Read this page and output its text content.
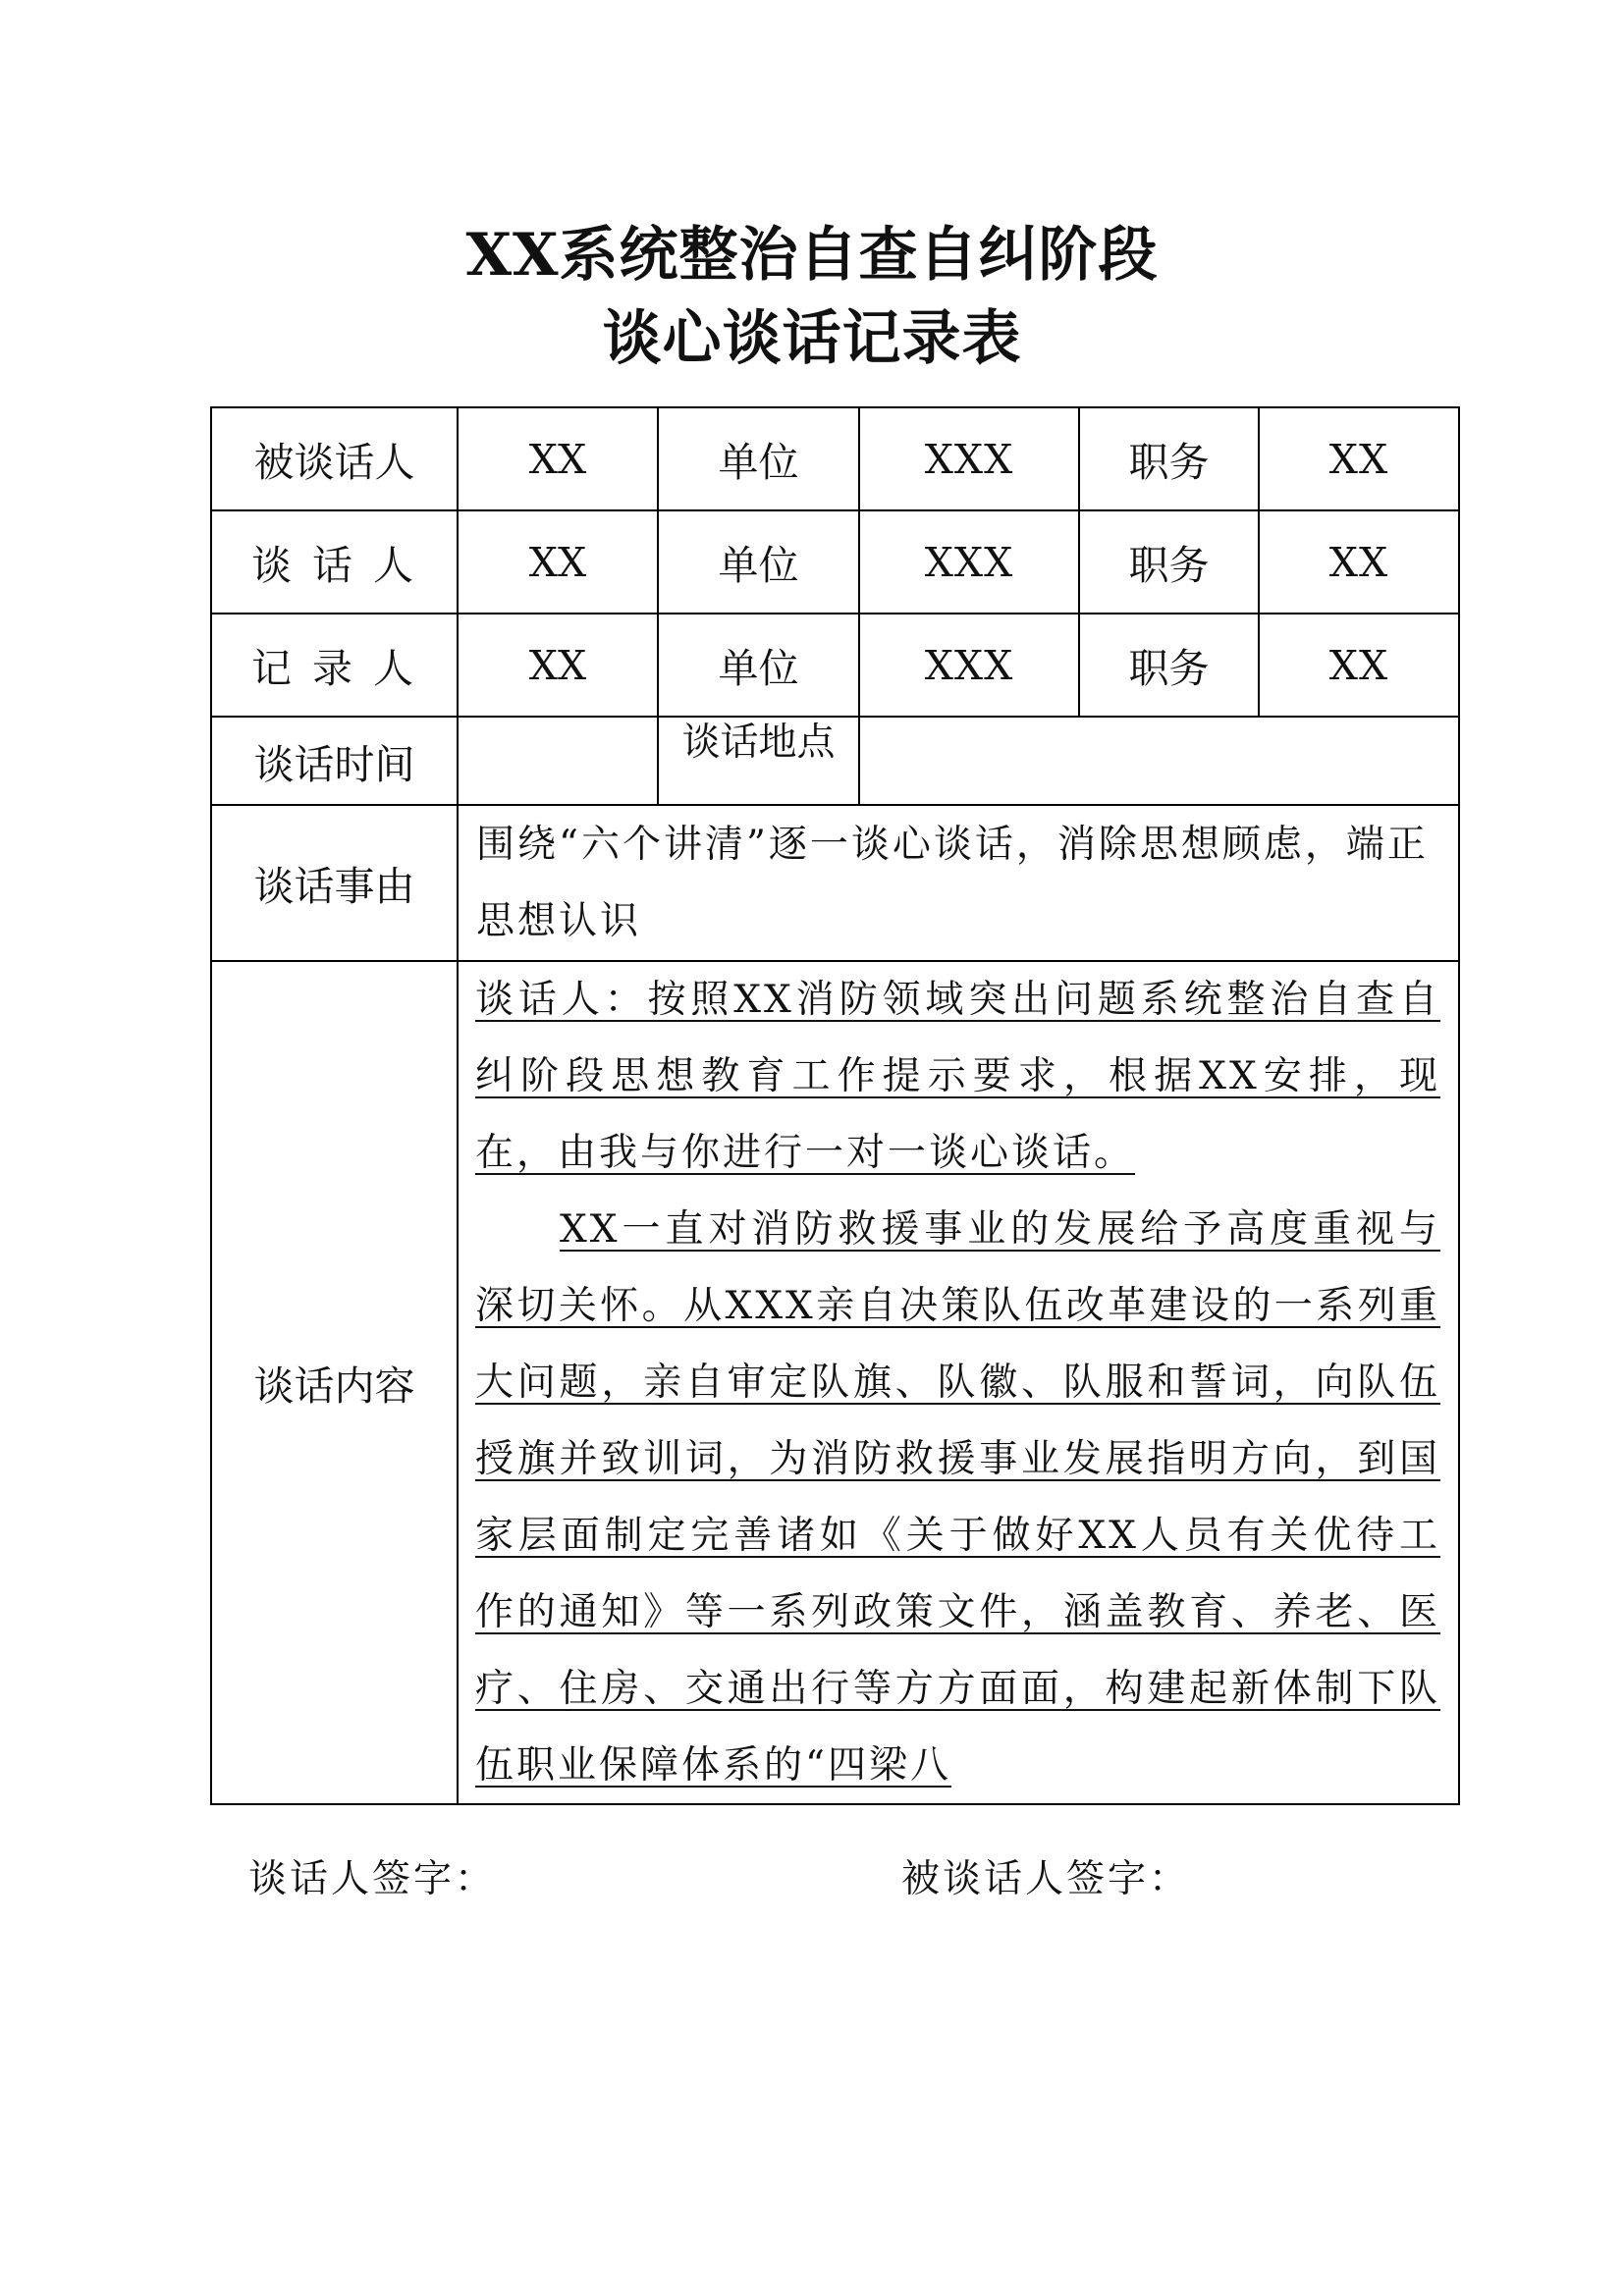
XX系统整治自查自纠阶段
谈心谈话记录表
被谈话人	XX	单位	XXX	职务	XX
谈 话 人	XX	单位	XXX	职务	XX
记 录 人	XX	单位	XXX	职务	XX
谈话时间		谈话地点			

谈话事由	围绕“六个讲清”逐一谈心谈话，消除思想顾虑，端正思想认识				
谈话内容	谈话人：按照XX消防领域突出问题系统整治自查自纠阶段思想教育工作提示要求，根据XX安排，现在，由我与你进行一对一谈心谈话。

XX一直对消防救援事业的发展给予高度重视与深切关怀。从XXX亲自决策队伍改革建设的一系列重大问题，亲自审定队旗、队徽、队服和誓词，向队伍授旗并致训词，为消防救援事业发展指明方向，到国家层面制定完善诸如《关于做好XX人员有关优待工作的通知》等一系列政策文件，涵盖教育、养老、医疗、住房、交通出行等方方面面，构建起新体制下队伍职业保障体系的“四梁八				

谈话人签字：	被谈话人签字：
